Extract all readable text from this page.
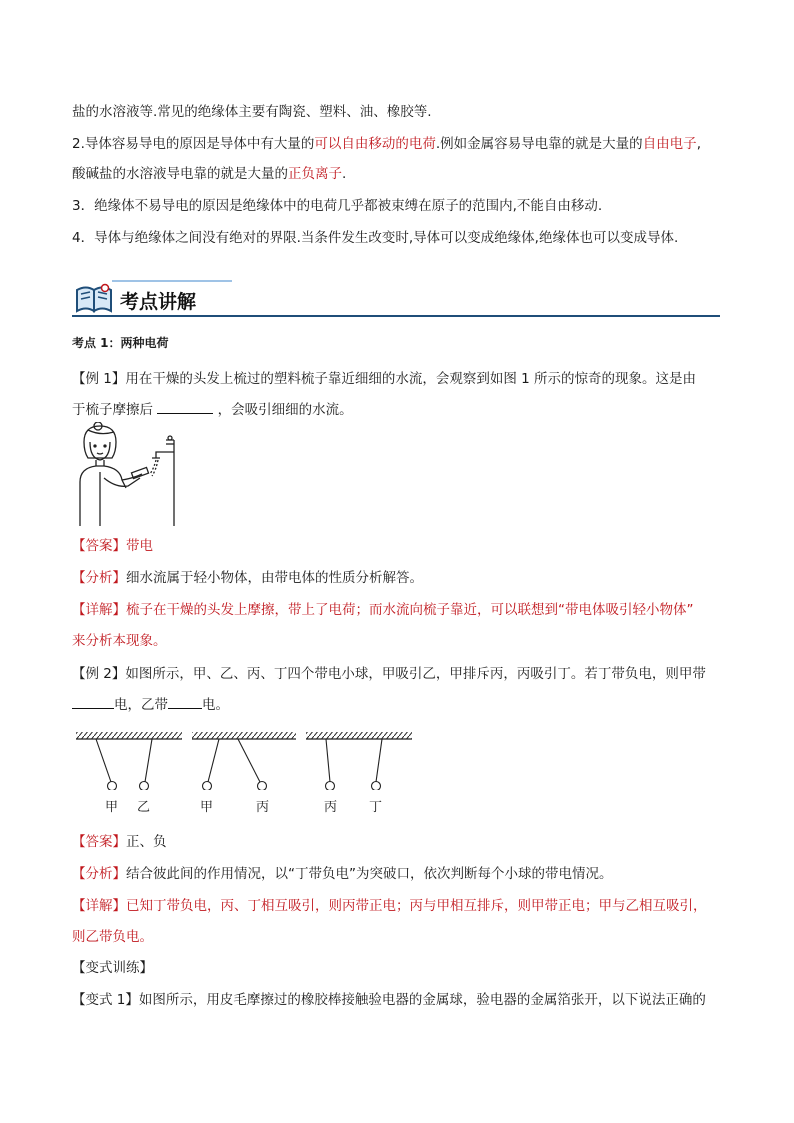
盐的水溶液等.常见的绝缘体主要有陶瓷、塑料、油、橡胶等.
2.导体容易导电的原因是导体中有大量的可以自由移动的电荷.例如金属容易导电靠的就是大量的自由电子,
酸碱盐的水溶液导电靠的就是大量的正负离子.
3．绝缘体不易导电的原因是绝缘体中的电荷几乎都被束缚在原子的范围内,不能自由移动.
4．导体与绝缘体之间没有绝对的界限.当条件发生改变时,导体可以变成绝缘体,绝缘体也可以变成导体.
考点讲解
考点 1：两种电荷
【例 1】用在干燥的头发上梳过的塑料梳子靠近细细的水流，会观察到如图 1 所示的惊奇的现象。这是由
于梳子摩擦后	，会吸引细细的水流。
【答案】带电
【分析】细水流属于轻小物体，由带电体的性质分析解答。
【详解】梳子在干燥的头发上摩擦，带上了电荷；而水流向梳子靠近，可以联想到“带电体吸引轻小物体”
来分析本现象。
【例 2】如图所示，甲、乙、丙、丁四个带电小球，甲吸引乙，甲排斥丙，丙吸引丁。若丁带负电，则甲带
电，乙带	电。
甲 乙	甲	丙	丙 丁
【答案】正、负
【分析】结合彼此间的作用情况，以“丁带负电”为突破口，依次判断每个小球的带电情况。
【详解】已知丁带负电，丙、丁相互吸引，则丙带正电；丙与甲相互排斥，则甲带正电；甲与乙相互吸引，
则乙带负电。
【变式训练】
【变式 1】如图所示，用皮毛摩擦过的橡胶棒接触验电器的金属球，验电器的金属箔张开，以下说法正确的
